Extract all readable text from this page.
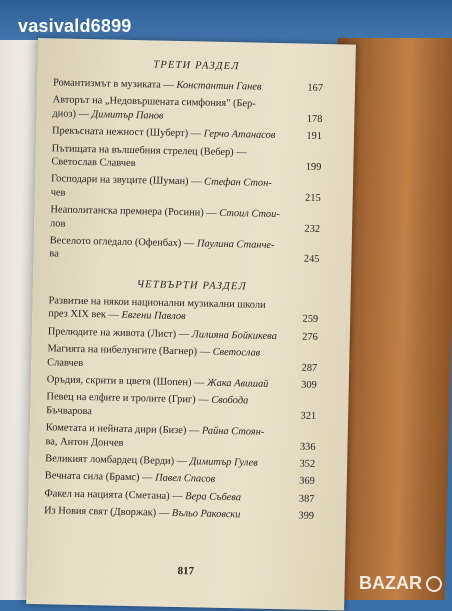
vasivald6899
ТРЕТИ РАЗДЕЛ
Романтизмът в музиката — Константин Ганев	167
Авторът на „Недовършената симфония" (Бер-
диоз) — Димитър Панов	178
Прекъсната нежност (Шуберт) — Герчо Атанасов	191
Пътищата на вълшебния стрелец (Вебер) —
Светослав Славчев	199
Господари на звуците (Шуман) — Стефан Стон-
чев	215
Неаполитанска премиера (Росини) — Стоил Стои-
лов	232
Веселото огледало (Офенбах) — Паулина Станче-
ва	245
ЧЕТВЪРТИ РАЗДЕЛ
Развитие на някои национални музикални школи
през XIX век — Евгени Павлов	259
Прелюдите на живота (Лист) — Лилияна Бойкикева	276
Магията на нибелунгите (Вагнер) — Светослав
Славчев	287
Оръдия, скрити в цветя (Шопен) — Жака Авишай	309
Певец на елфите и тролите (Григ) — Свобода
Бъчварова	321
Кометата и нейната дири (Бизе) — Райна Стоян-
ва, Антон Дончев	336
Великият ломбардец (Верди) — Димитър Гулев	352
Вечната сила (Брамс) — Павел Спасов	369
Факел на нацията (Сметана) — Вера Събева	387
Из Новия свят (Дворжак) — Въльо Раковски	399
817
BAZAR
